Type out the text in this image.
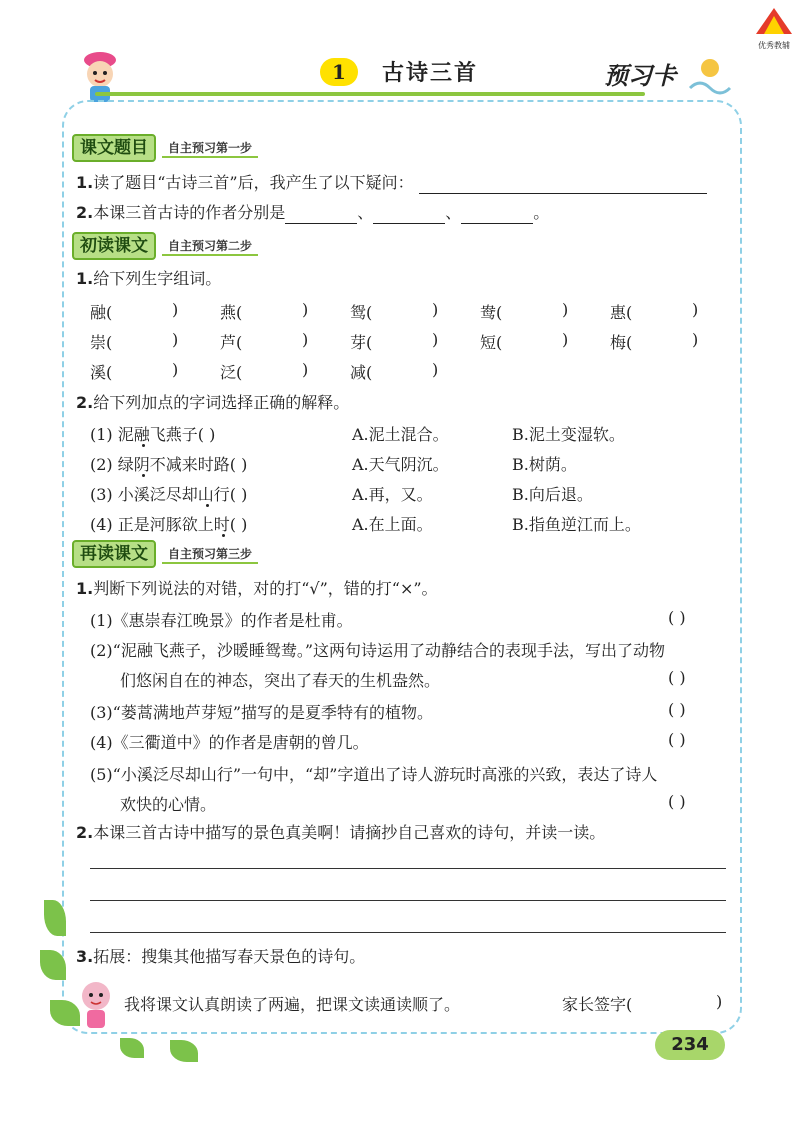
优秀教辅
1	古诗三首	预习卡
课文题目 自主预习第一步
1.读了题目“古诗三首”后，我产生了以下疑问：
2.本课三首古诗的作者分别是	、	、	。
初读课文 自主预习第二步
1.给下列生字组词。
融(	)	燕(	)	鸳(	)	鸯(	)	惠(	)
崇(	)	芦(	)	芽(	)	短(	)	梅(	)
溪(	)	泛(	)	减(	)
2.给下列加点的字词选择正确的解释。
(1) 泥融飞燕子( )	A.泥土混合。	B.泥土变湿软。
(2) 绿阴不减来时路( )	A.天气阴沉。	B.树荫。
(3) 小溪泛尽却山行( )	A.再，又。	B.向后退。
(4) 正是河豚欲上时( )	A.在上面。	B.指鱼逆江而上。
再读课文 自主预习第三步
1.判断下列说法的对错，对的打“√”，错的打“×”。
(1)《惠崇春江晚景》的作者是杜甫。	( )
(2)“泥融飞燕子，沙暖睡鸳鸯。”这两句诗运用了动静结合的表现手法，写出了动物
们悠闲自在的神态，突出了春天的生机盎然。	( )
(3)“蒌蒿满地芦芽短”描写的是夏季特有的植物。	( )
(4)《三衢道中》的作者是唐朝的曾几。	( )
(5)“小溪泛尽却山行”一句中，“却”字道出了诗人游玩时高涨的兴致，表达了诗人
欢快的心情。	( )
2.本课三首古诗中描写的景色真美啊！请摘抄自己喜欢的诗句，并读一读。
3.拓展：搜集其他描写春天景色的诗句。
我将课文认真朗读了两遍，把课文读通读顺了。	家长签字(	)
234
